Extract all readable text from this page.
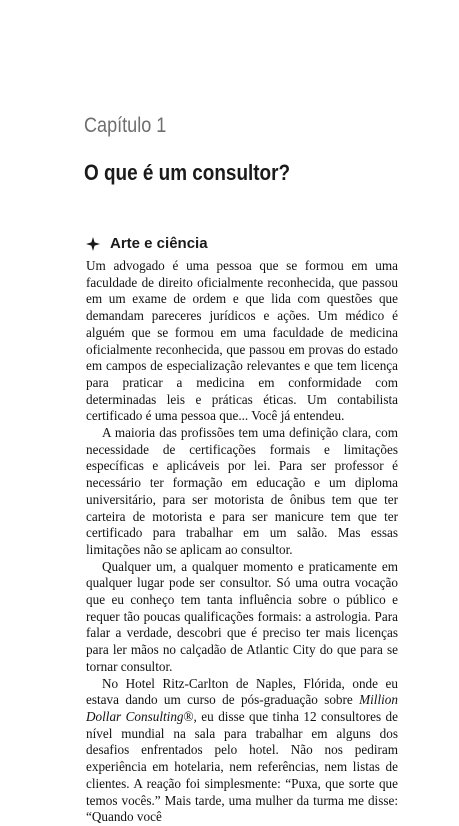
Capítulo 1
O que é um consultor?
Arte e ciência

Um advogado é uma pessoa que se formou em uma faculdade de direito oficialmente reconhecida, que passou em um exame de ordem e que lida com questões que demandam pareceres jurídicos e ações. Um médico é alguém que se formou em uma faculdade de medicina oficialmente reconhecida, que passou em provas do estado em campos de especialização relevantes e que tem licença para praticar a medicina em conformidade com determinadas leis e práticas éticas. Um contabilista certificado é uma pessoa que... Você já entendeu.

A maioria das profissões tem uma definição clara, com necessidade de certificações formais e limitações específicas e aplicáveis por lei. Para ser professor é necessário ter formação em educação e um diploma universitário, para ser motorista de ônibus tem que ter carteira de motorista e para ser manicure tem que ter certificado para trabalhar em um salão. Mas essas limitações não se aplicam ao consultor.

Qualquer um, a qualquer momento e praticamente em qualquer lugar pode ser consultor. Só uma outra vocação que eu conheço tem tanta influência sobre o público e requer tão poucas qualificações formais: a astrologia. Para falar a verdade, descobri que é preciso ter mais licenças para ler mãos no calçadão de Atlantic City do que para se tornar consultor.

No Hotel Ritz-Carlton de Naples, Flórida, onde eu estava dando um curso de pós-graduação sobre Million Dollar Consulting®, eu disse que tinha 12 consultores de nível mundial na sala para trabalhar em alguns dos desafios enfrentados pelo hotel. Não nos pediram experiência em hotelaria, nem referências, nem listas de clientes. A reação foi simplesmente: “Puxa, que sorte que temos vocês.” Mais tarde, uma mulher da turma me disse: “Quando você
